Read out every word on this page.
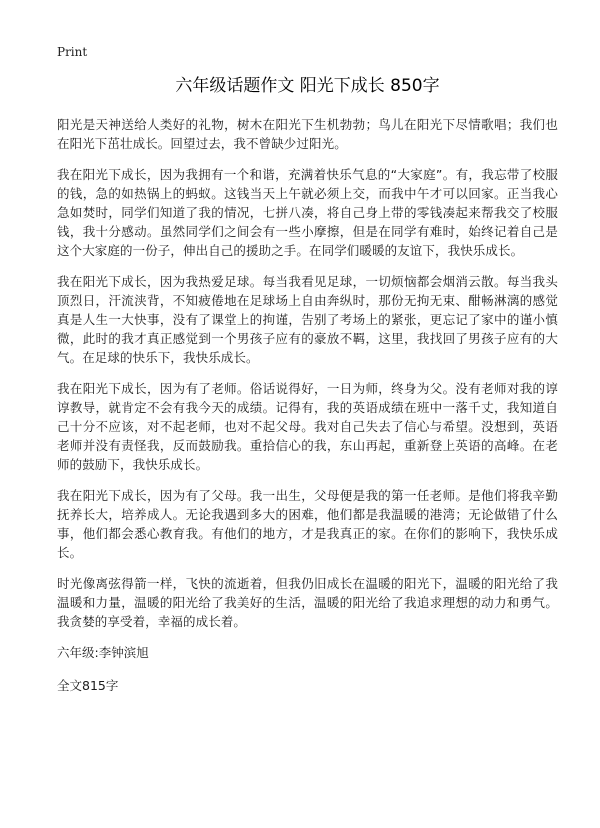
Print
六年级话题作文 阳光下成长 850字

阳光是天神送给人类好的礼物，树木在阳光下生机勃勃；鸟儿在阳光下尽情歌唱；我们也在阳光下茁壮成长。回望过去，我不曾缺少过阳光。

我在阳光下成长，因为我拥有一个和谐，充满着快乐气息的“大家庭”。有，我忘带了校服的钱，急的如热锅上的蚂蚁。这钱当天上午就必须上交，而我中午才可以回家。正当我心急如焚时，同学们知道了我的情况，七拼八凑，将自己身上带的零钱凑起来帮我交了校服钱，我十分感动。虽然同学们之间会有一些小摩擦，但是在同学有难时，始终记着自己是这个大家庭的一份子，伸出自己的援助之手。在同学们暖暖的友谊下，我快乐成长。

我在阳光下成长，因为我热爱足球。每当我看见足球，一切烦恼都会烟消云散。每当我头顶烈日，汗流浃背，不知疲倦地在足球场上自由奔纵时，那份无拘无束、酣畅淋漓的感觉真是人生一大快事，没有了课堂上的拘谨，告别了考场上的紧张，更忘记了家中的谨小慎微，此时的我才真正感觉到一个男孩子应有的豪放不羁，这里，我找回了男孩子应有的大气。在足球的快乐下，我快乐成长。

我在阳光下成长，因为有了老师。俗话说得好，一日为师，终身为父。没有老师对我的谆谆教导，就肯定不会有我今天的成绩。记得有，我的英语成绩在班中一落千丈，我知道自己十分不应该，对不起老师，也对不起父母。我对自己失去了信心与希望。没想到，英语老师并没有责怪我，反而鼓励我。重拾信心的我，东山再起，重新登上英语的高峰。在老师的鼓励下，我快乐成长。

我在阳光下成长，因为有了父母。我一出生，父母便是我的第一任老师。是他们将我辛勤抚养长大，培养成人。无论我遇到多大的困难，他们都是我温暖的港湾；无论做错了什么事，他们都会悉心教育我。有他们的地方，才是我真正的家。在你们的影响下，我快乐成长。

时光像离弦得箭一样，飞快的流逝着，但我仍旧成长在温暖的阳光下，温暖的阳光给了我温暖和力量，温暖的阳光给了我美好的生活，温暖的阳光给了我追求理想的动力和勇气。我贪婪的享受着，幸福的成长着。

六年级:李钟滨旭

全文815字
